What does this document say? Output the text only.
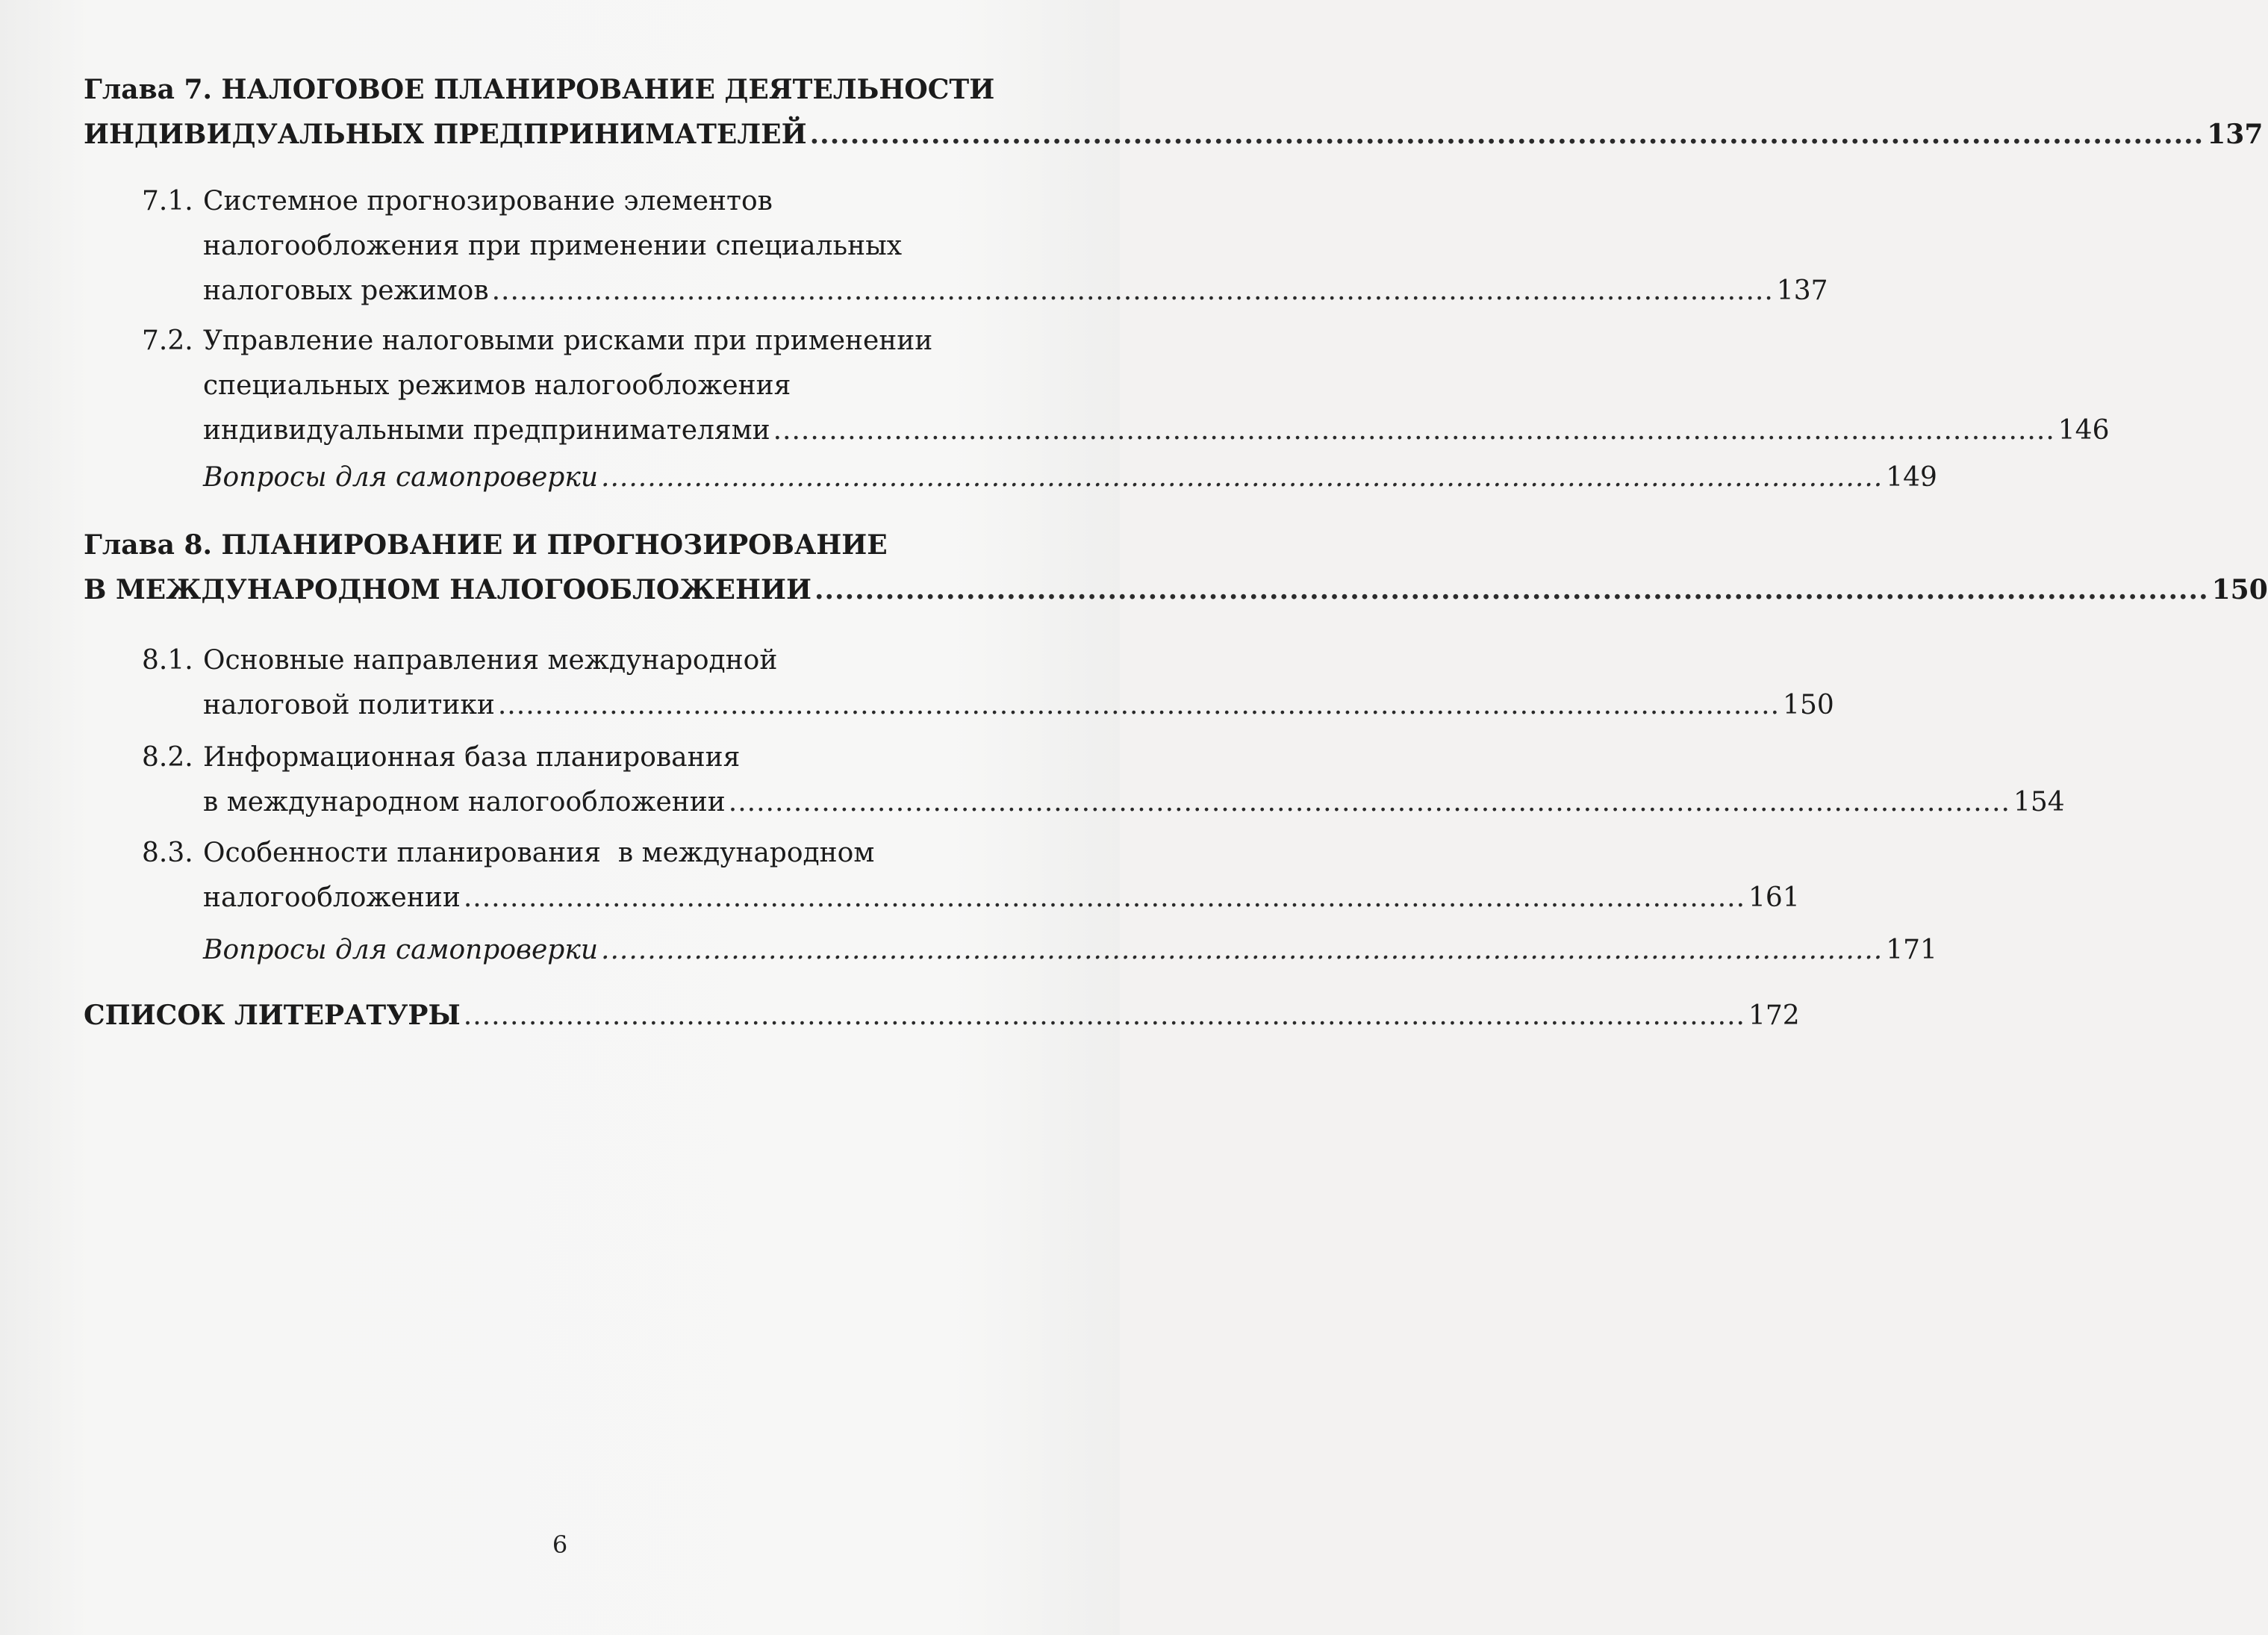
Глава 7. НАЛОГОВОЕ ПЛАНИРОВАНИЕ ДЕЯТЕЛЬНОСТИ
ИНДИВИДУАЛЬНЫХ ПРЕДПРИНИМАТЕЛЕЙ .......................................................................................................................................... 137
7.1. Системное прогнозирование элементов
налогообложения при применении специальных
налоговых режимов .......................................................................................................................................... 137
7.2. Управление налоговыми рисками при применении
специальных режимов налогообложения
индивидуальными предпринимателями .......................................................................................................................................... 146
Вопросы для самопроверки .......................................................................................................................................... 149
Глава 8. ПЛАНИРОВАНИЕ И ПРОГНОЗИРОВАНИЕ
В МЕЖДУНАРОДНОМ НАЛОГООБЛОЖЕНИИ .......................................................................................................................................... 150
8.1. Основные направления международной
налоговой политики .......................................................................................................................................... 150
8.2. Информационная база планирования
в международном налогообложении .......................................................................................................................................... 154
8.3. Особенности планирования  в международном
налогообложении .......................................................................................................................................... 161
Вопросы для самопроверки .......................................................................................................................................... 171
СПИСОК ЛИТЕРАТУРЫ .......................................................................................................................................... 172
6
